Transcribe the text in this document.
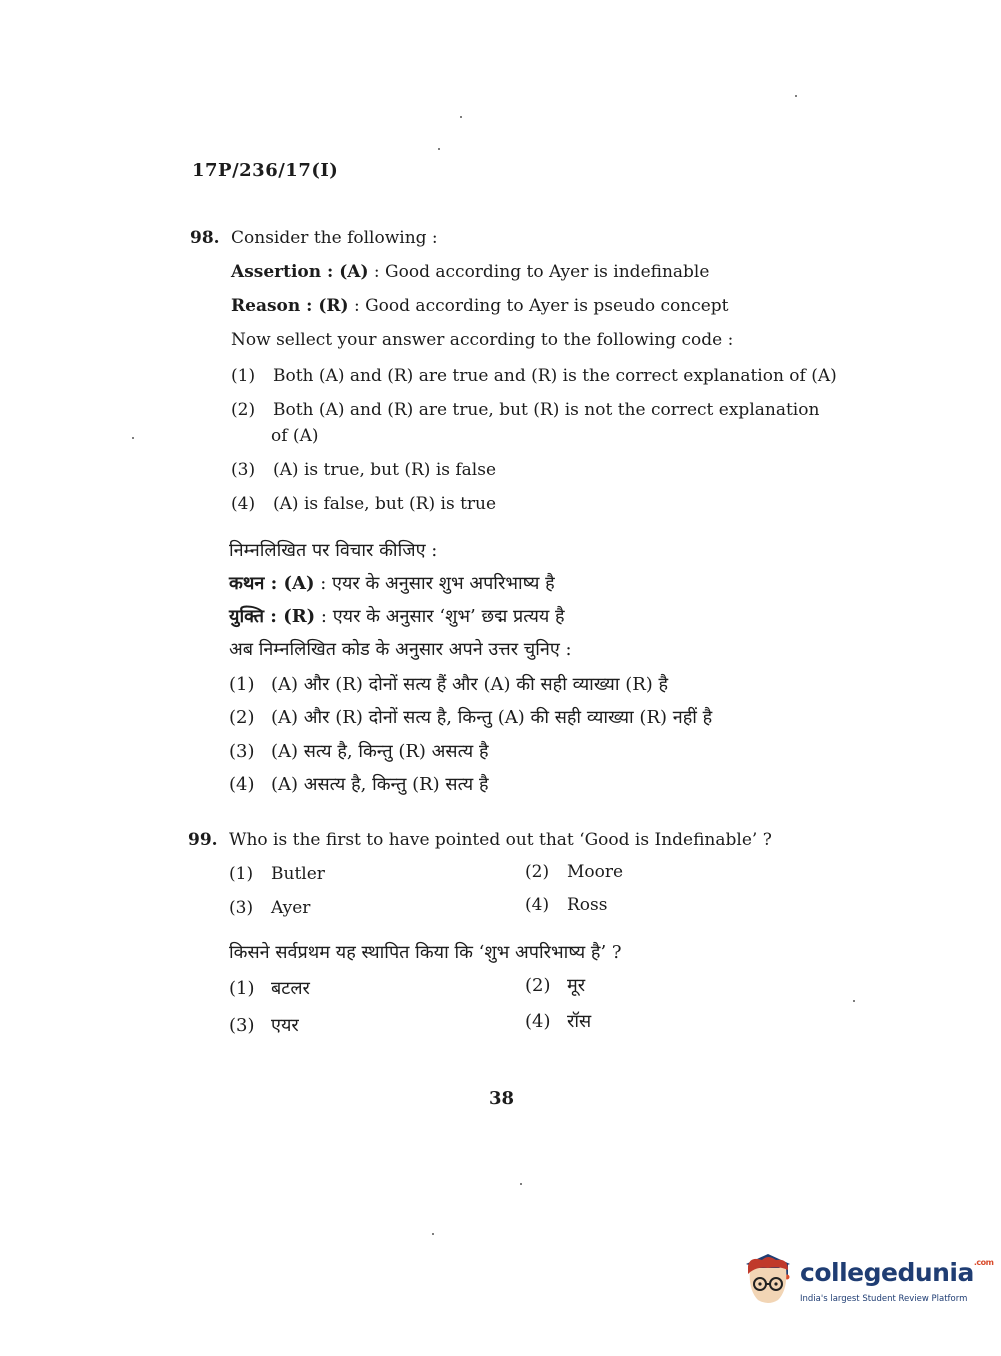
17P/236/17(I)
98. Consider the following :
Assertion : (A) : Good according to Ayer is indefinable
Reason : (R) : Good according to Ayer is pseudo concept
Now sellect your answer according to the following code :
(1) Both (A) and (R) are true and (R) is the correct explanation of (A)
(2) Both (A) and (R) are true, but (R) is not the correct explanation
of (A)
(3) (A) is true, but (R) is false
(4) (A) is false, but (R) is true
निम्नलिखित पर विचार कीजिए :
कथन : (A) : एयर के अनुसार शुभ अपरिभाष्य है
युक्ति : (R) : एयर के अनुसार ‘शुभ’ छद्म प्रत्यय है
अब निम्नलिखित कोड के अनुसार अपने उत्तर चुनिए :
(1) (A) और (R) दोनों सत्य हैं और (A) की सही व्याख्या (R) है
(2) (A) और (R) दोनों सत्य है, किन्तु (A) की सही व्याख्या (R) नहीं है
(3) (A) सत्य है, किन्तु (R) असत्य है
(4) (A) असत्य है, किन्तु (R) सत्य है
99. Who is the first to have pointed out that ‘Good is Indefinable’ ?
(1) Butler	(2) Moore
(3) Ayer	(4) Ross
किसने सर्वप्रथम यह स्थापित किया कि ‘शुभ अपरिभाष्य है’ ?
(1) बटलर	(2) मूर
(3) एयर	(4) रॉस
38
collegedunia$^{.com}$
India's largest Student Review Platform
